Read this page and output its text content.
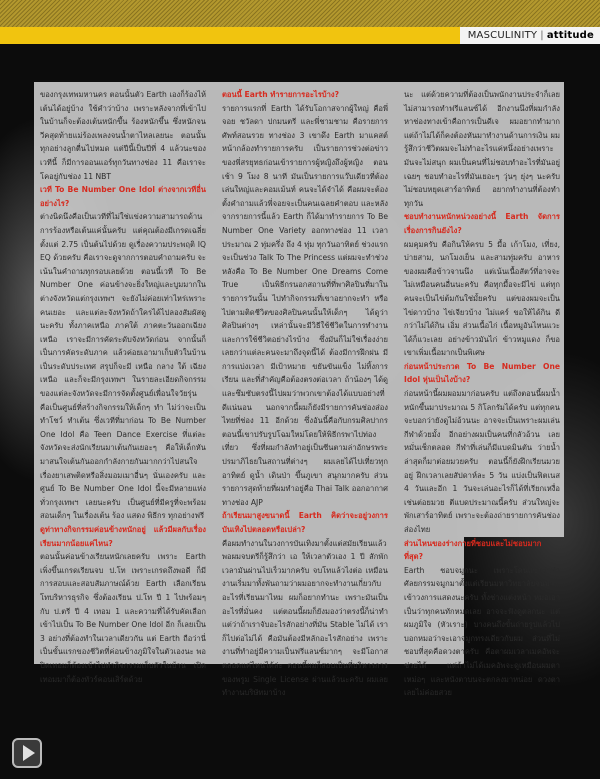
MASCULINITY | attitude

ของกรุงเทพมหานคร ตอนนั้นตัว Earth เองก็ร้องไห้เต้นได้อยู่บ้าง ใช้คำว่าบ้าง เพราะหลังจากที่เข้าไปในบ้านก็จะต้องเต้นหนักขึ้น ร้องหนักขึ้น ซึ่งหนักจนวีคสุดท้ายแม่ร้องเพลงจนน้ำตาไหลเลยนะ ตอนนั้นทุกอย่างลูกตื่นไปหมด แต่ปีนี้เป็นปีที่ 4 แล้วนะของเวทีนี้ ก็มีการออนแอร์ทุกวันทางช่อง 11 คือเราจะโคอยู่กับช่อง 11 NBT

เวที To Be Number One Idol ต่างจากเวทีอื่นอย่างไร?

ต่างนิดนึงคือเป็นเวทีที่ไม่ใช่แข่งความสามารถด้านการร้องหรือเต้นแค่นั้นครับ แต่คุณต้องมีเกรดเฉลี่ยตั้งแต่ 2.75 เป็นต้นไปด้วย ดูเรื่องความประพฤติ IQ EQ ด้วยครับ คือเราจะดูจากการตอบคำถามครับ จะเน้นในคำถามทุกรอบเลยด้วย ตอนนี้เวที To Be Number One ค่อนข้างจะยิ่งใหญ่และบูมมากในต่างจังหวัดแต่กรุงเทพฯ จะยังไม่ค่อยเท่าไหร่เพราะคนเยอะ และแต่ละจังหวัดถ้าใครได้ไปลองสัมผัสดูนะครับ ทั้งภาคเหนือ ภาคใต้ ภาคตะวันออกเฉียงเหนือ เราจะมีการคัดระดับจังหวัดก่อน จากนั้นก็เป็นการคัดระดับภาค แล้วค่อยเอามาเก็บตัวในบ้านเป็นระดับประเทศ สรุปก็จะมี เหนือ กลาง ใต้ เฉียงเหนือ และก็จะมีกรุงเทพฯ ในรายละเอียดกิจกรรมของแต่ละจังหวัดจะมีการจัดตั้งศูนย์เพื่อนใจวัยรุ่น คือเป็นศูนย์ที่สร้างกิจกรรมให้เด็กๆ ทำ ไม่ว่าจะเป็นทำโชว์ ทำเต้น ซึ่งเวทีที่มาก่อน To Be Number One Idol คือ Teen Dance Exercise ที่แต่ละจังหวัดจะส่งนักเรียนมาเต้นกันเยอะๆ คือให้เด็กหันมาสนใจเต้นกันออกกำลังกายกันมากกว่าไปสนใจเรื่องยาเสพติดหรือสิ่งมอมเมาอื่นๆ นั่นเองครับ และศูนย์ To Be Number One Idol นี้จะมีหลายแห่งทั่วกรุงเทพฯ เลยนะครับ เป็นศูนย์ที่มีครูที่จะพร้อมสอนเด็กๆ ในเรื่องเต้น ร้อง แสดง พิธีกร ทุกอย่างฟรี

ดูท่าทางกิจกรรมค่อนข้างหนักอยู่ แล้วมีผลกับเรื่องเรียนมากน้อยแค่ไหน?

ตอนนั้นค่อนข้างเรียนหนักเลยครับ เพราะ Earth เพิ่งขึ้นเกรดเรียนจบ ป.โท เพราะเกรดถึงพอดี ก็มีการสอบและสอบสัมภาษณ์ด้วย Earth เลือกเรียนโทบริหารธุรกิจ ซึ่งต้องเรียน ป.โท ปี 1 ไปพร้อมๆ กับ ป.ตรี ปี 4 เทอม 1 และความที่ได้รับคัดเลือกเข้าไปเป็น To Be Number One Idol อีก ก็เลยเป็น 3 อย่างที่ต้องทำในเวลาเดียวกัน แต่ Earth ถือว่านี่เป็นขั้นแรกของชีวิตที่ค่อนข้างภูมิใจในตัวเองนะ พอปิดเทอมก็ต้องเข้าไปทำกิจกรรมเก็บตัวในบ้าน เปิดเทอมมาก็ต้องทัวร์คอนเสิร์ตด้วย

ตอนนี้ Earth ทำรายการอะไรบ้าง?

รายการแรกที่ Earth ได้รับโอกาสจากผู้ใหญ่ คือพี่จอย ชวัลดา ปกมนตรี และพี่ชามชาม คือรายการ ศัพท์สอนรวย ทางช่อง 3 เขาดึง Earth มาแคสต์หน้ากล้องทำรายการครับ เป็นรายการช่วงต่อข่าวของพี่สรยุทธก่อนเข้ารายการผู้หญิงถึงผู้หญิง ตอนเช้า 9 โมง 8 นาที มันเป็นรายการแว๊บเดียวที่ต้องเล่นใหญ่และคอมเม้นท์ คนจะได้จำได้ คือผมจะต้องตั้งคำถามแล้วพี่จอยจะเป็นคนเฉลยคำตอบ และหลังจากรายการนี้แล้ว Earth ก็ได้มาทำรายการ To Be Number One Variety ออกทางช่อง 11 เวลาประมาณ 2 ทุ่มครึ่ง ถึง 4 ทุ่ม ทุกวันอาทิตย์ ช่วงแรกจะเป็นช่วง Talk To The Princess แต่ผมจะทำช่วงหลังคือ To Be Number One Dreams Come True เป็นพิธีกรนอกสถานที่ที่พาศิลปินที่มาในรายการวันนั้น ไปทำกิจกรรมที่เขาอยากจะทำ หรือไปตามติดชีวิตของศิลปินคนนั้นให้เด็กๆ ได้ดูว่าศิลปินต่างๆ เหล่านั้นจะมีวิธีใช้ชีวิตในการทำงานและการใช้ชีวิตอย่างไรบ้าง ซึ่งมันก็ไม่ใช่เรื่องง่ายเลยกว่าแต่ละคนจะมาถึงจุดนี้ได้ ต้องมีการฝึกฝน มีการแบ่งเวลา มีเป้าหมาย ขยันขันแข็ง ไม่ทิ้งการเรียน และที่สำคัญคือต้องตรงต่อเวลา ถ้าน้องๆ ได้ดูและซึมซับตรงนี้ไปผมว่าพวกเขาต้องได้แบบอย่างที่ดีแน่นอน นอกจากนี้ผมก็ยังมีรายการคันช่องส่องไทยที่ช่อง 11 อีกด้วย ซึ่งอันนี้คือกับกรมศิลปากร ตอนนี้เขาปรับรูปโฉมใหม่โดยให้พิธีกรพาไปท่องเที่ยว ซึ่งที่ผมกำลังทำอยู่เป็นซีนตามล่าอักษรพระปรมาภิไธยในสถานที่ต่างๆ ผมเลยได้ไปเที่ยวทุกอาทิตย์ ดูน้ำ เดินป่า ขึ้นภูเขา สนุกมากครับ ส่วนรายการสุดท้ายที่ผมทำอยู่คือ Thai Talk ออกอากาศทางช่อง AJP

ถ้าเรียนมาสูงขนาดนี้ Earth คิดว่าจะอยู่วงการบันเทิงไปตลอดหรือเปล่า?

คือผมทำงานในวงการบันเทิงมาตั้งแต่สมัยเรียนแล้ว พอผมจบตรีก็รู้สึกว่า เอ ให้เวลาตัวเอง 1 ปี สักพักเวลามันผ่านไปเร็วมากครับ จบโทแล้วไงต่อ เหมือนงานเริ่มมาทั้งพันถามว่าผมอยากจะทำงานเกี่ยวกับอะไรที่เรียนมาไหม ผมก็อยากทำนะ เพราะมันเป็นอะไรที่มั่นคง แต่ตอนนี้ผมก็ยังมองว่าตรงนี้ก็น่าทำแต่ว่าถ้าเราจับอะไรสักอย่างที่มัน Stable ไม่ได้ เราก็ไปต่อไม่ได้ คือมันต้องมีหลักอะไรสักอย่าง เพราะงานที่ทำอยู่มีความเป็นฟรีแลนซ์มากๆ จะมีโอกาสตลอดแค่ไหนได้ล่ะ ตอนนี้ผมก็สอบเป็นที่บริหารการของพรูม Single License ผ่านแล้วนะครับ ผมเลยทำงานบริษัทมาบ้าง

นะ แต่ด้วยความที่ต้องเป็นพนักงานประจำก็เลยไม่สามารถทำฟรีแลนซ์ได้ อีกงานนึงที่ผมกำลังหาช่องทางเข้าคือการเป็นดีเจ ผมอยากทำมาก แต่ถ้าไม่ได้ก็คงต้องหันมาทำงานด้านการเงิน ผมรู้สึกว่าชีวิตผมจะไม่ทำอะไรแค่หนึ่งอย่างเพราะมันจะไม่สนุก ผมเป็นคนที่ไม่ชอบทำอะไรที่มันอยู่เฉยๆ ชอบทำอะไรที่มันเยอะๆ วุ่นๆ ยุ่งๆ นะครับ ไม่ชอบหยุดเสาร์อาทิตย์ อยากทำงานที่ต้องทำทุกวัน

ชอบทำงานหนักหน่วงอย่างนี้ Earth จัดการเรื่องการกินยังไง?

ผมคุมครับ คือกินให้ครบ 5 มื้อ เก้าโมง, เที่ยง, บ่ายสาม, นกโมงเย็น และสามทุ่มครับ อาหารของผมคือข้าวจานนึง แต่เน้นเนื้อสัตว์ที่อาจจะไม่เหมือนคนอื่นนะครับ คือทุกมื้อจะมีไข่ แต่ทุกคนจะเป็นไข่ต้มกันใช่มั้ยครับ แต่ของผมจะเป็นไข่ดาวบ้าง ไข่เจียวบ้าง ไม่แคร์ ขอให้ได้กิน ดีกว่าไม่ได้กิน เอิ่ม ส่วนเนื้อไก่ เนื้อหมูอันไหนแวะได้ก็แวะเลย อย่างข้าวมันไก่ ข้าวหมูแดง ก็ขอเขาเพิ่มเนื้อมากเป็นพิเศษ

ก่อนหน้าประกวด To Be Number One Idol หุ่นเป็นไงบ้าง?

ก่อนหน้านี้ผมผอมมาก่อนครับ แต่ถึงตอนนี้ผมน้ำหนักขึ้นมาประมาณ 5 กิโลกรัมได้ครับ แต่ทุกคนจะบอกว่ายังดูไม่อ้วนนะ อาจจะเป็นเพราะผมเล่นกีฬาด้วยมั้ง อีกอย่างผมเป็นคนที่กลัวอ้วน เลยหมั่นเช็กตลอด กีฬาที่เล่นก็มีแบดมินตัน ว่ายน้ำ ล่าสุดก็มาต่อยมวยครับ ตอนนี้ก็ยังฝึกเรียนมวยอยู่ ฝึกเวลาเลยสัปดาห์ละ 5 วัน แบ่งเป็นฟิตเนส 4 วันและอีก 1 วันจะเล่นอะไรก็ได้ที่เรียกเหงื่อเช่นต่อยมวย ตีแบดประมาณนี้ครับ ส่วนใหญ่จะพักเสาร์อาทิตย์ เพราะจะต้องถ่ายรายการคันช่องส่องไทย

ส่วนไหนของร่างกายที่ชอบและไม่ชอบมากที่สุด?

Earth ชอบจมูกนะ เพราะโดนแซวว่าทำศัลยกรรมจมูกมาตั้งแต่เรียนมหาวิทยาลัยจนมาเข้าวงการแสดงนะครับ ทั้งช่างแต่งหน้า หมอเอาเป็นว่าทุกคนทักหมดเลย อาจจะฟังดูตลกนะ แต่ผมภูมิใจ (หัวเราะ) บางคนถึงขั้นถ่ายรูปแล้วไปบอกหมอว่าจะเอาจมูกทรงเดียวกับผม ส่วนที่ไม่ชอบที่สุดคือดวงตาครับ คือตาผมเวลาเมคอัพจะช่วยได้ แต่ถ้าไม่ได้เมคอัพจะดูเหมือนผมตาเหม่อๆ และหนังตาบนจะตกลงมาหน่อย ดวงตาเลยไม่ค่อยสวย
